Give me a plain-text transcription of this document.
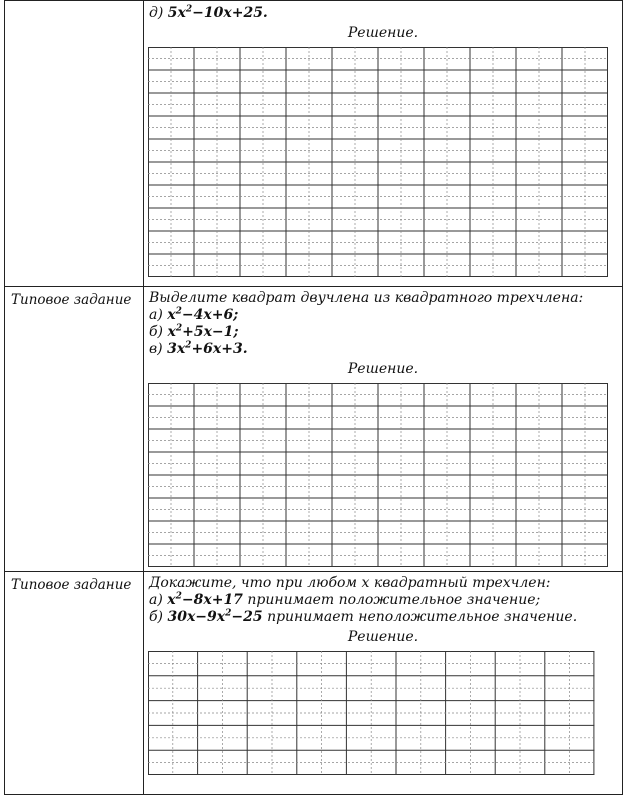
	д) $5x^2-10x+25$.
Решение.

Типовое задание	Выделите квадрат двучлена из квадратного трехчлена:
а) $x^2-4x+6$;
б) $x^2+5x-1$;
в) $3x^2+6x+3$.
Решение.

Типовое задание	Докажите, что при любом x квадратный трехчлен:
а) $x^2-8x+17$ принимает положительное значение;
б) $30x-9x^2-25$ принимает неположительное значение.
Решение.
